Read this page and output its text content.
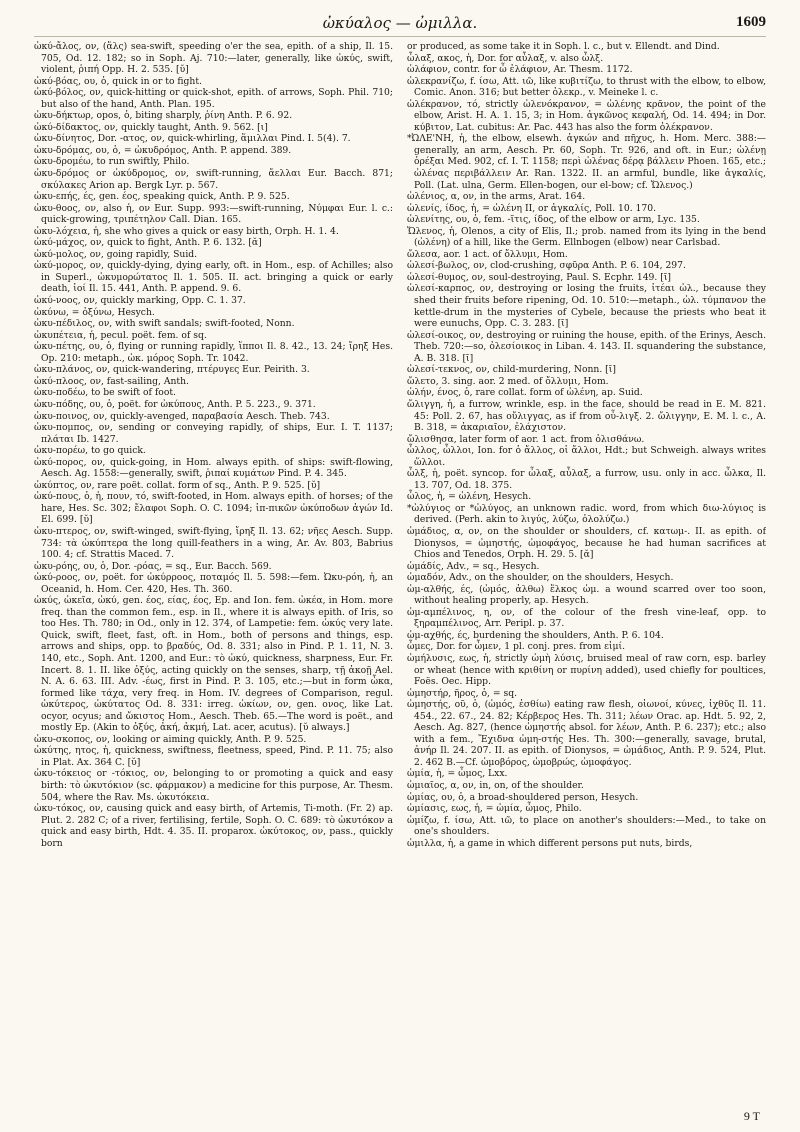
ὠκύαλος — ὠμιλλα.	1609

ὠκύ-ἄλος, ον, (ἅλς) sea-swift, speeding o'er the sea, epith. of a ship, Il. 15. 705, Od. 12. 182; so in Soph. Aj. 710:—later, generally, like ὠκύς, swift, violent, ῥιπή Opp. H. 2. 535. [ῠ]

ὠκύ-βόας, ου, ὁ, quick in or to fight.

ὠκύ-βόλος, ον, quick-hitting or quick-shot, epith. of arrows, Soph. Phil. 710; but also of the hand, Anth. Plan. 195.

ὠκυ-δήκτωρ, opos, ὁ, biting sharply, ῥίνη Anth. P. 6. 92.

ὠκύ-δίδακτος, ον, quickly taught, Anth. 9. 562. [ι]

ὠκυ-δίνητος, Dor. -ατος, ον, quick-whirling, ἅμιλλαι Pind. I. 5(4). 7.

ὠκυ-δρόμας, ου, ὁ, = ὠκυδρόμος, Anth. P. append. 389.

ὠκυ-δρομέω, to run swiftly, Philo.

ὠκυ-δρόμος or ὠκύδρομος, ον, swift-running, ἄελλαι Eur. Bacch. 871; σκύλακες Arion ap. Bergk Lyr. p. 567.

ὠκυ-επής, ές, gen. έος, speaking quick, Anth. P. 9. 525.

ὠκυ-θοος, ον, also ἡ, ον Eur. Supp. 993:—swift-running, Νύμφαι Eur. l. c.: quick-growing, τριπέτηλον Call. Dian. 165.

ὠκυ-λόχεια, ἡ, she who gives a quick or easy birth, Orph. H. 1. 4.

ὠκύ-μάχος, ον, quick to fight, Anth. P. 6. 132. [ᾰ]

ὠκύ-μολος, ον, going rapidly, Suid.

ὠκύ-μορος, ον, quickly-dying, dying early, oft. in Hom., esp. of Achilles; also in Superl., ὠκυμορώτατος Il. 1. 505. II. act. bringing a quick or early death, ἰοί Il. 15. 441, Anth. P. append. 9. 6.

ὠκύ-νοος, ον, quickly marking, Opp. C. 1. 37.

ὠκύνω, = ὀξύνω, Hesych.

ὠκυ-πέδιλος, ον, with swift sandals; swift-footed, Nonn.

ὠκυπέτεια, ἡ, pecul. poët. fem. of sq.

ὠκυ-πέτης, ου, ὁ, flying or running rapidly, ἵπποι Il. 8. 42., 13. 24; ἴρηξ Hes. Op. 210: metaph., ὠκ. μόρος Soph. Tr. 1042.

ὠκυ-πλάνος, ον, quick-wandering, πτέρυγες Eur. Peirith. 3.

ὠκύ-πλοος, ον, fast-sailing, Anth.

ὠκυ-ποδέω, to be swift of foot.

ὠκυ-πόδης, ου, ὁ, poët. for ὠκύπους, Anth. P. 5. 223., 9. 371.

ὠκυ-ποινος, ον, quickly-avenged, παραβασία Aesch. Theb. 743.

ὠκυ-πομπος, ον, sending or conveying rapidly, of ships, Eur. I. T. 1137; πλάται Ib. 1427.

ὠκυ-πορέω, to go quick.

ὠκύ-πορος, ον, quick-going, in Hom. always epith. of ships: swift-flowing, Aesch. Ag. 1558:—generally, swift, ῥιπαί κυμάτων Pind. P. 4. 345.

ὠκύπτος, ον, rare poët. collat. form of sq., Anth. P. 9. 525. [ῠ]

ὠκύ-πους, ὁ, ἡ, πουν, τό, swift-footed, in Hom. always epith. of horses; of the hare, Hes. Sc. 302; ἔλαφοι Soph. O. C. 1094; ἱπ-πικῶν ὠκύποδων ἀγών Id. El. 699. [ῠ]

ὠκυ-πτερος, ον, swift-winged, swift-flying, ἴρηξ Il. 13. 62; νῆες Aesch. Supp. 734: τὰ ὠκύπτερα the long quill-feathers in a wing, Ar. Av. 803, Babrius 100. 4; cf. Strattis Maced. 7.

ὠκυ-ρόης, ου, ὁ, Dor. -ρόας, = sq., Eur. Bacch. 569.

ὠκύ-ροος, ον, poët. for ὠκύρροος, ποταμός Il. 5. 598:—fem. Ὠκυ-ρόη, ἡ, an Oceanid, h. Hom. Cer. 420, Hes. Th. 360.

ὠκύς, ὠκεῖα, ὠκύ, gen. έος, είας, έος, Ep. and Ion. fem. ὠκέα, in Hom. more freq. than the common fem., esp. in Il., where it is always epith. of Iris, so too Hes. Th. 780; in Od., only in 12. 374, of Lampetie: fem. ὠκύς very late. Quick, swift, fleet, fast, oft. in Hom., both of persons and things, esp. arrows and ships, opp. to βραδύς, Od. 8. 331; also in Pind. P. 1. 11, N. 3. 140, etc., Soph. Ant. 1200, and Eur.: τὸ ὠκύ, quickness, sharpness, Eur. Fr. Incert. 8. 1. II. like ὀξύς, acting quickly on the senses, sharp, τῇ ἀκοῇ Ael. N. A. 6. 63. III. Adv. -έως, first in Pind. P. 3. 105, etc.;—but in form ὦκα, formed like τάχα, very freq. in Hom. IV. degrees of Comparison, regul. ὠκύτερος, ὠκύτατος Od. 8. 331: irreg. ὠκίων, ον, gen. ονος, like Lat. ocyor, ocyus; and ὤκιστος Hom., Aesch. Theb. 65.—The word is poët., and mostly Ep. (Akin to ὀξύς, ἀκή, ἀκμή, Lat. acer, acutus). [ῠ always.]

ὠκυ-σκοπος, ον, looking or aiming quickly, Anth. P. 9. 525.

ὠκύτης, ητος, ἡ, quickness, swiftness, fleetness, speed, Pind. P. 11. 75; also in Plat. Ax. 364 C. [ῠ]

ὠκυ-τόκειος or -τόκιος, ον, belonging to or promoting a quick and easy birth: τὸ ὠκυτόκιον (sc. φάρμακον) a medicine for this purpose, Ar. Thesm. 504, where the Rav. Ms. ὠκυτόκεια.

ὠκυ-τόκος, ον, causing quick and easy birth, of Artemis, Ti-moth. (Fr. 2) ap. Plut. 2. 282 C; of a river, fertilising, fertile, Soph. O. C. 689: τὸ ὠκυτόκον a quick and easy birth, Hdt. 4. 35. II. proparox. ὠκύτοκος, ον, pass., quickly born

or produced, as some take it in Soph. l. c., but v. Ellendt. and Dind.

ὦλαξ, ακος, ἡ, Dor. for αὖλαξ, v. also ὦλξ.

ὠλάφιον, contr. for ὦ ἐλάφιον, Ar. Thesm. 1172.

ὠλεκρανίζω, f. ίσω, Att. ιῶ, like κυβιτίζω, to thrust with the elbow, to elbow, Comic. Anon. 316; but better ὀλεκρ., v. Meineke l. c.

ὠλέκρανον, τό, strictly ὠλενόκρανον, = ὠλένης κρᾶνον, the point of the elbow, Arist. H. A. 1. 15, 3; in Hom. ἀγκῶνος κεφαλή, Od. 14. 494; in Dor. κύβιτον, Lat. cubitus: Ar. Pac. 443 has also the form ὀλέκρανον.

*ὨΛΕ'ΝΗ, ἡ, the elbow, elsewh. ἀγκών and πῆχυς, h. Hom. Merc. 388:—generally, an arm, Aesch. Pr. 60, Soph. Tr. 926, and oft. in Eur.; ὠλένῃ ὀρέξαι Med. 902, cf. I. T. 1158; περὶ ὠλένας δέρᾳ βάλλειν Phoen. 165, etc.; ὠλένας περιβάλλειν Ar. Ran. 1322. II. an armful, bundle, like ἀγκαλίς, Poll. (Lat. ulna, Germ. Ellen-bogen, our el-bow; cf. Ὤλενος.)

ὠλένιος, α, ον, in the arms, Arat. 164.

ὠλενίς, ίδος, ἡ, = ὠλένη II, or ἀγκαλίς, Poll. 10. 170.

ὠλενίτης, ου, ὁ, fem. -ῖτις, ίδος, of the elbow or arm, Lyc. 135.

Ὤλενος, ἡ, Olenos, a city of Elis, Il.; prob. named from its lying in the bend (ὠλένη) of a hill, like the Germ. Ellnbogen (elbow) near Carlsbad.

ὤλεσα, aor. 1 act. of ὄλλυμι, Hom.

ὠλεσί-βωλος, ον, clod-crushing, σφῦρα Anth. P. 6. 104, 297.

ὠλεσί-θυμος, ον, soul-destroying, Paul. S. Ecphr. 149. [ῑ]

ὠλεσί-καρπος, ον, destroying or losing the fruits, ἰτέαι ὠλ., because they shed their fruits before ripening, Od. 10. 510:—metaph., ὠλ. τύμπανον the kettle-drum in the mysteries of Cybele, because the priests who beat it were eunuchs, Opp. C. 3. 283. [ῑ]

ὠλεσί-οικος, ον, destroying or ruining the house, epith. of the Erinys, Aesch. Theb. 720:—so, ὀλεσίοικος in Liban. 4. 143. II. squandering the substance, A. B. 318. [ῑ]

ὠλεσί-τεκνος, ον, child-murdering, Nonn. [ῑ]

ὤλετο, 3. sing. aor. 2 med. of ὄλλυμι, Hom.

ὠλήν, ένος, ὁ, rare collat. form of ὠλένη, ap. Suid.

ὤλιγγη, ἡ, a furrow, wrinkle, esp. in the face, should be read in E. M. 821. 45: Poll. 2. 67, has οὔλιγγας, as if from οὖ-λιγξ. 2. ὤλιγγην, E. M. l. c., A. B. 318, = ἀκαριαῖον, ἐλάχιστον.

ὤλισθησα, later form of aor. 1 act. from ὀλισθάνω.

ὦλλος, ὦλλοι, Ion. for ὁ ἄλλος, οἱ ἄλλοι, Hdt.; but Schweigh. always writes ὥλλοι.

ὦλξ, ἡ, poët. syncop. for ὦλαξ, αὖλαξ, a furrow, usu. only in acc. ὦλκα, Il. 13. 707, Od. 18. 375.

ὦλος, ἡ, = ὠλένη, Hesych.

*ὠλύγιος or *ὠλύγος, an unknown radic. word, from which διω-λύγιος is derived. (Perh. akin to λιγύς, λύζω, ὀλολύζω.)

ὠμάδιος, α, ον, on the shoulder or shoulders, cf. κατωμ-. II. as epith. of Dionysos, = ὠμηστής, ὠμοφάγος, because he had human sacrifices at Chios and Tenedos, Orph. H. 29. 5. [ᾰ]

ὠμάδίς, Adv., = sq., Hesych.

ὠμαδόν, Adv., on the shoulder, on the shoulders, Hesych.

ὠμ-αλθής, ές, (ὠμός, ἀλθω) ἕλκος ὠμ. a wound scarred over too soon, without healing properly, ap. Hesych.

ὠμ-αμπέλινος, η, ον, of the colour of the fresh vine-leaf, opp. to ξηραμπέλινος, Arr. Peripl. p. 37.

ὠμ-αχθής, ές, burdening the shoulders, Anth. P. 6. 104.

ὦμες, Dor. for ὦμεν, 1 pl. conj. pres. from εἰμί.

ὠμήλυσις, εως, ἡ, strictly ὠμὴ λύσις, bruised meal of raw corn, esp. barley or wheat (hence with κριθίνη or πυρίνη added), used chiefly for poultices, Foës. Oec. Hipp.

ὠμηστήρ, ῆρος, ὁ, = sq.

ὠμηστής, οῦ, ὁ, (ὠμός, ἐσθίω) eating raw flesh, οἰωνοί, κύνες, ἰχθῦς Il. 11. 454., 22. 67., 24. 82; Κέρβερος Hes. Th. 311; λέων Orac. ap. Hdt. 5. 92, 2, Aesch. Ag. 827, (hence ὠμηστής absol. for λέων, Anth. P. 6. 237); etc.; also with a fem., Ἔχιδνα ὠμη-στής Hes. Th. 300:—generally, savage, brutal, ἀνήρ Il. 24. 207. II. as epith. of Dionysos, = ὠμάδιος, Anth. P. 9. 524, Plut. 2. 462 B.—Cf. ὠμοβόρος, ὠμοβρώς, ὠμοφάγος.

ὠμία, ἡ, = ὦμος, Lxx.

ὠμιαῖος, α, ον, in, on, of the shoulder.

ὠμίας, ου, ὁ, a broad-shouldered person, Hesych.

ὠμίασις, εως, ἡ, = ὠμία, ὦμος, Philo.

ὠμίζω, f. ίσω, Att. ιῶ, to place on another's shoulders:—Med., to take on one's shoulders.

ὠμιλλα, ἡ, a game in which different persons put nuts, birds,

9 T
